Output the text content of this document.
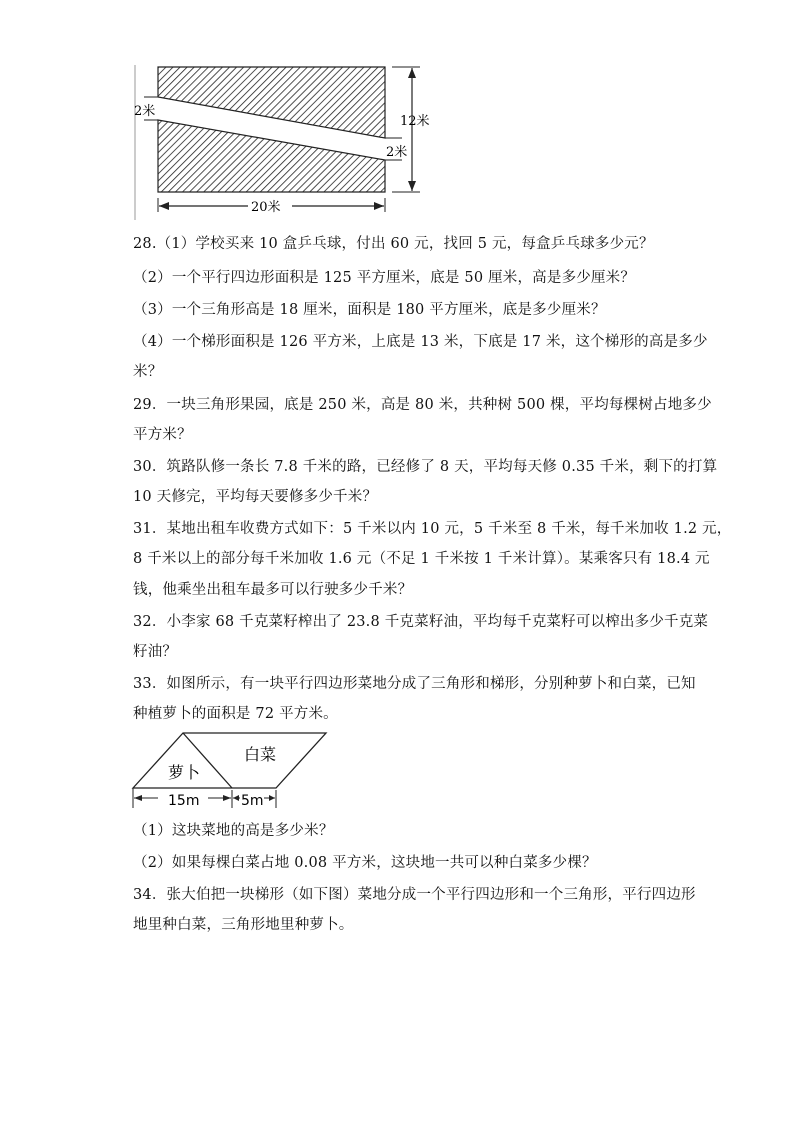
2米
2米
12米
20米
28.（1）学校买来 10 盒乒乓球，付出 60 元，找回 5 元，每盒乒乓球多少元？
（2）一个平行四边形面积是 125 平方厘米，底是 50 厘米，高是多少厘米？
（3）一个三角形高是 18 厘米，面积是 180 平方厘米，底是多少厘米？
（4）一个梯形面积是 126 平方米，上底是 13 米，下底是 17 米，这个梯形的高是多少
米？
29．一块三角形果园，底是 250 米，高是 80 米，共种树 500 棵，平均每棵树占地多少
平方米？
30．筑路队修一条长 7.8 千米的路，已经修了 8 天，平均每天修 0.35 千米，剩下的打算
10 天修完，平均每天要修多少千米？
31．某地出租车收费方式如下：5 千米以内 10 元，5 千米至 8 千米，每千米加收 1.2 元，
8 千米以上的部分每千米加收 1.6 元（不足 1 千米按 1 千米计算）。某乘客只有 18.4 元
钱，他乘坐出租车最多可以行驶多少千米？
32．小李家 68 千克菜籽榨出了 23.8 千克菜籽油，平均每千克菜籽可以榨出多少千克菜
籽油？
33．如图所示，有一块平行四边形菜地分成了三角形和梯形，分别种萝卜和白菜，已知
种植萝卜的面积是 72 平方米。
萝卜
白菜
15m	5m
（1）这块菜地的高是多少米？
（2）如果每棵白菜占地 0.08 平方米，这块地一共可以种白菜多少棵？
34．张大伯把一块梯形（如下图）菜地分成一个平行四边形和一个三角形，平行四边形
地里种白菜，三角形地里种萝卜。
